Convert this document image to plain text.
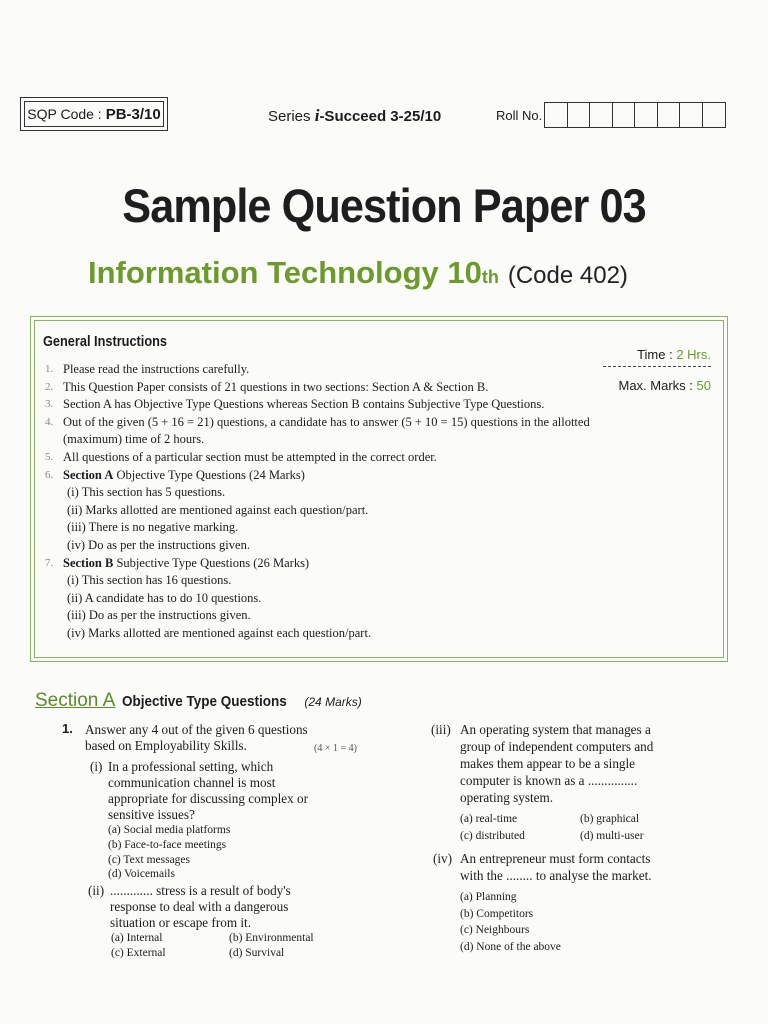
SQP Code : PB-3/10	Series i-Succeed 3-25/10	Roll No.
Sample Question Paper 03
Information Technology 10 th (Code 402)
General Instructions
Time : 2 Hrs.
Max. Marks : 50
1. Please read the instructions carefully.
2. This Question Paper consists of 21 questions in two sections: Section A & Section B.
3. Section A has Objective Type Questions whereas Section B contains Subjective Type Questions.
4. Out of the given (5 + 16 = 21) questions, a candidate has to answer (5 + 10 = 15) questions in the allotted (maximum) time of 2 hours.
5. All questions of a particular section must be attempted in the correct order.
6. Section A Objective Type Questions (24 Marks)
(i) This section has 5 questions.
(ii) Marks allotted are mentioned against each question/part.
(iii) There is no negative marking.
(iv) Do as per the instructions given.
7. Section B Subjective Type Questions (26 Marks)
(i) This section has 16 questions.
(ii) A candidate has to do 10 questions.
(iii) Do as per the instructions given.
(iv) Marks allotted are mentioned against each question/part.
Section A Objective Type Questions (24 Marks)
1. Answer any 4 out of the given 6 questions
based on Employability Skills.	(4 × 1 = 4)
(i) In a professional setting, which
communication channel is most
appropriate for discussing complex or
sensitive issues?
(a) Social media platforms
(b) Face-to-face meetings
(c) Text messages
(d) Voicemails
(ii) ............. stress is a result of body's
response to deal with a dangerous
situation or escape from it.
(a) Internal	(b) Environmental
(c) External	(d) Survival
(iii) An operating system that manages a
group of independent computers and
makes them appear to be a single
computer is known as a ...............
operating system.
(a) real-time	(b) graphical
(c) distributed	(d) multi-user
(iv) An entrepreneur must form contacts
with the ........ to analyse the market.
(a) Planning
(b) Competitors
(c) Neighbours
(d) None of the above
